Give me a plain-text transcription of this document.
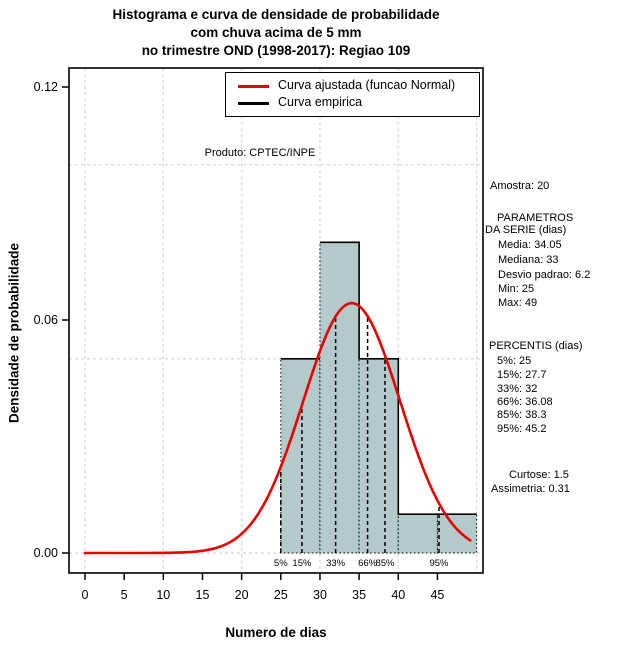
Histograma e curva de densidade de probabilidade
com chuva acima de 5 mm
no trimestre OND (1998-2017): Regiao 109
Produto: CPTEC/INPE
Curva ajustada (funcao Normal)
Curva empirica
Amostra: 20
PARAMETROS
DA SERIE (dias)
Media: 34.05
Mediana: 33
Desvio padrao: 6.2
Min: 25
Max: 49
PERCENTIS (dias)
5%: 25
15%: 27.7
33%: 32
66%: 36.08
85%: 38.3
95%: 45.2
Curtose: 1.5
Assimetria: 0.31
Numero de dias
Densidade de probabilidade
0	5	10	15	20	25	30	35	40	45
0.00
0.06
0.12
5% 15%	33%	66%
85%	95%
